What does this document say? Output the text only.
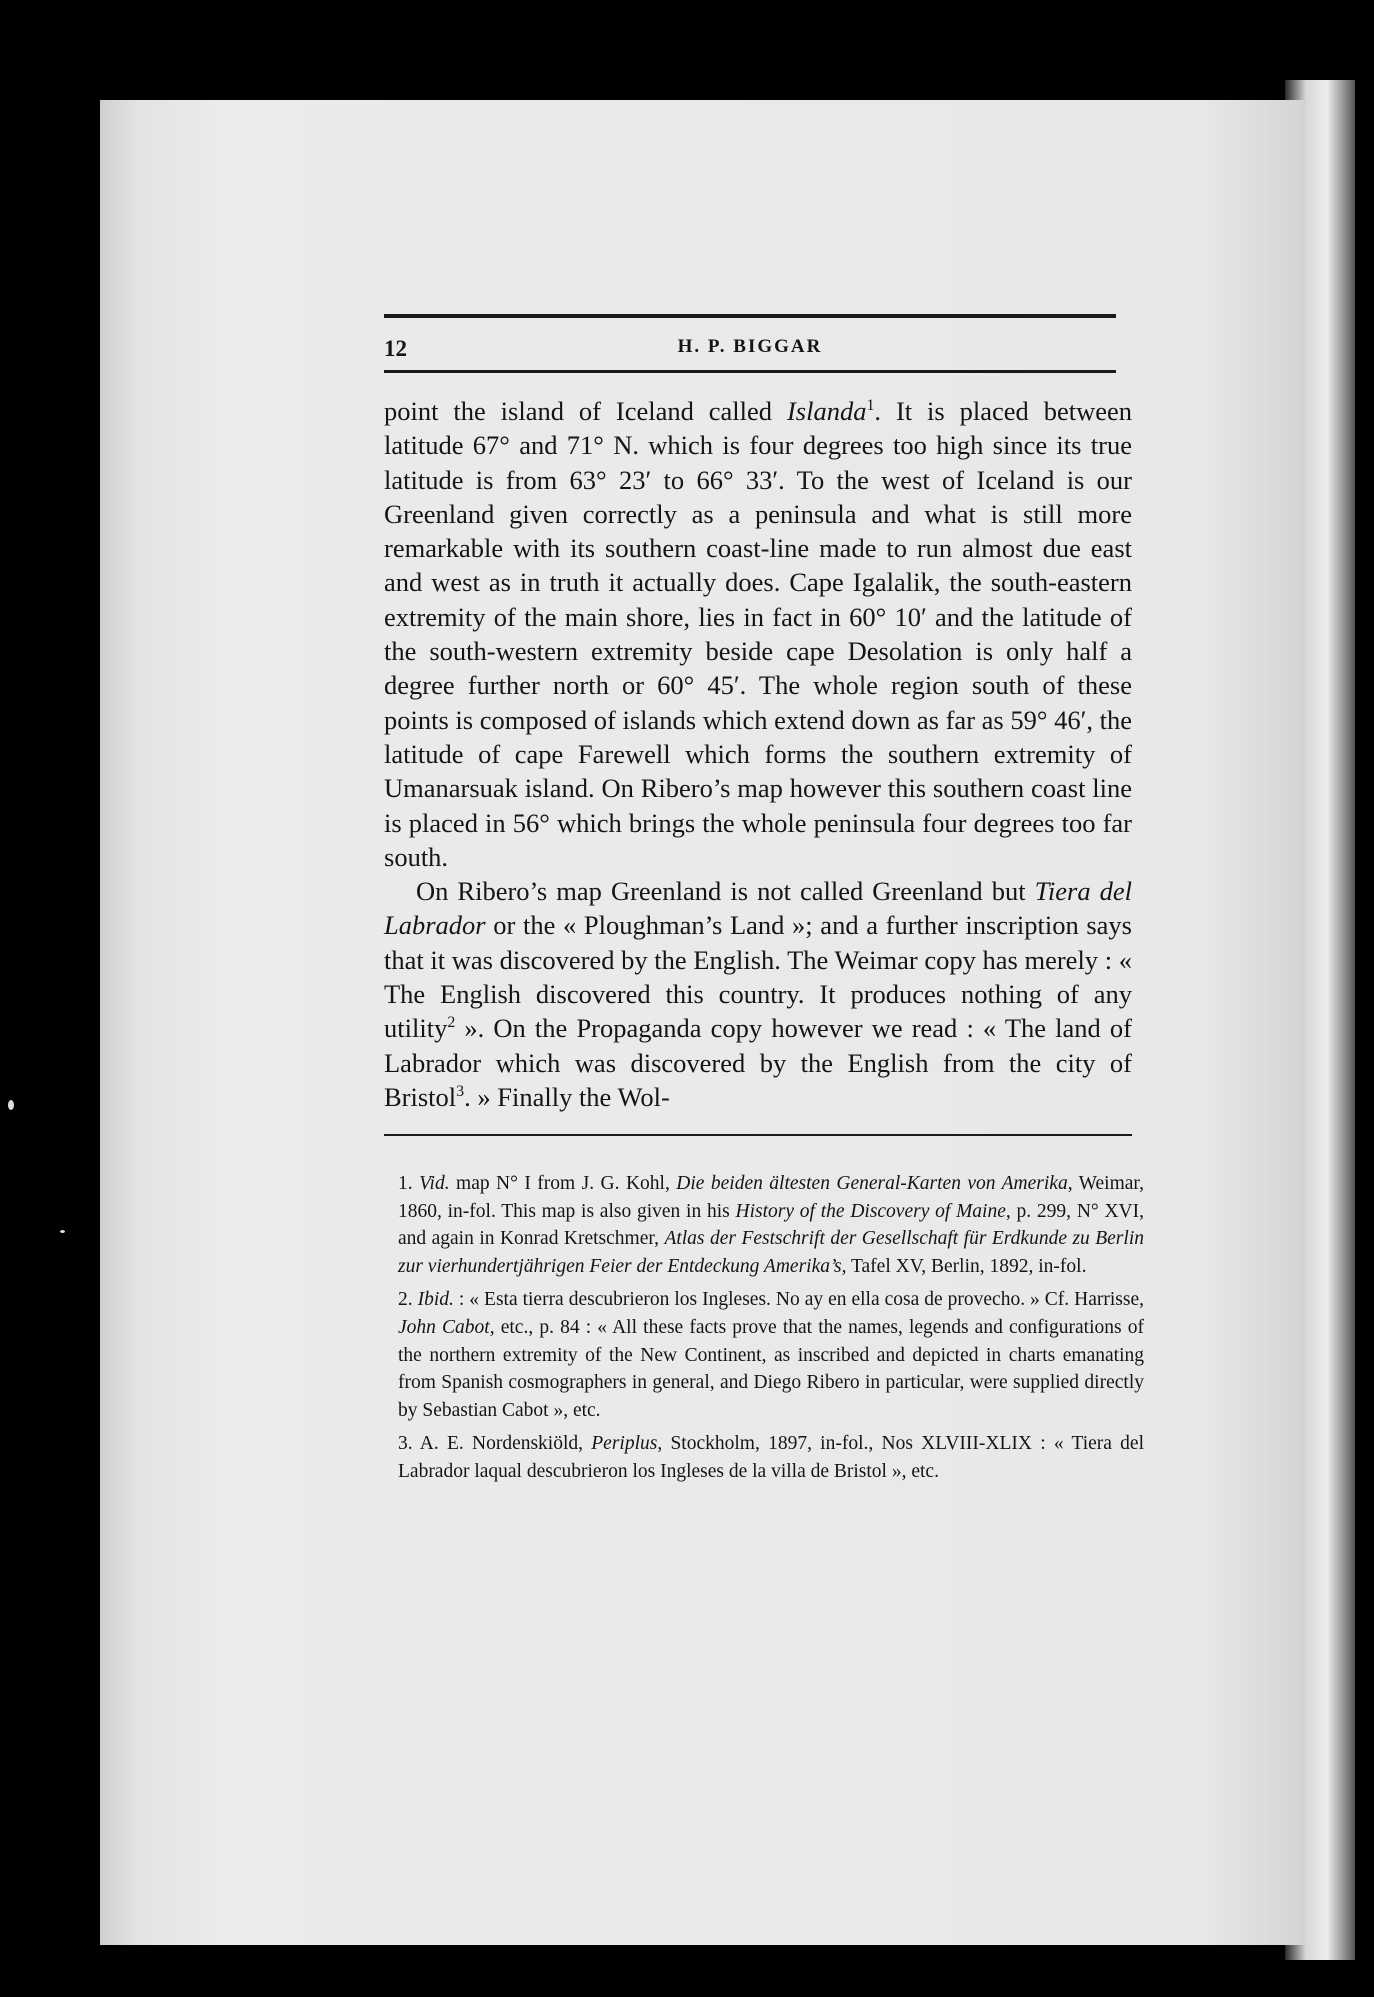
12	H. P. BIGGAR

point the island of Iceland called Islanda$^1$. It is placed between latitude 67° and 71° N. which is four degrees too high since its true latitude is from 63° 23′ to 66° 33′. To the west of Iceland is our Greenland given correctly as a peninsula and what is still more remarkable with its southern coast-line made to run almost due east and west as in truth it actually does. Cape Igalalik, the south-eastern extremity of the main shore, lies in fact in 60° 10′ and the latitude of the south-western extremity beside cape Desolation is only half a degree further north or 60° 45′. The whole region south of these points is composed of islands which extend down as far as 59° 46′, the latitude of cape Farewell which forms the southern extremity of Umanarsuak island. On Ribero’s map however this southern coast line is placed in 56° which brings the whole peninsula four degrees too far south.

On Ribero’s map Greenland is not called Greenland but Tiera del Labrador or the « Ploughman’s Land »; and a further inscription says that it was discovered by the English. The Weimar copy has merely : « The English discovered this country. It produces nothing of any utility$^2$ ». On the Propaganda copy however we read : « The land of Labrador which was discovered by the English from the city of Bristol$^3$. » Finally the Wol-

1. Vid. map N° I from J. G. Kohl, Die beiden ältesten General-Karten von Amerika, Weimar, 1860, in-fol. This map is also given in his History of the Discovery of Maine, p. 299, N° XVI, and again in Konrad Kretschmer, Atlas der Festschrift der Gesellschaft für Erdkunde zu Berlin zur vierhundertjährigen Feier der Entdeckung Amerika’s, Tafel XV, Berlin, 1892, in-fol.

2. Ibid. : « Esta tierra descubrieron los Ingleses. No ay en ella cosa de provecho. » Cf. Harrisse, John Cabot, etc., p. 84 : « All these facts prove that the names, legends and configurations of the northern extremity of the New Continent, as inscribed and depicted in charts emanating from Spanish cosmographers in general, and Diego Ribero in particular, were supplied directly by Sebastian Cabot », etc.

3. A. E. Nordenskiöld, Periplus, Stockholm, 1897, in-fol., Nos XLVIII-XLIX : « Tiera del Labrador laqual descubrieron los Ingleses de la villa de Bristol », etc.
